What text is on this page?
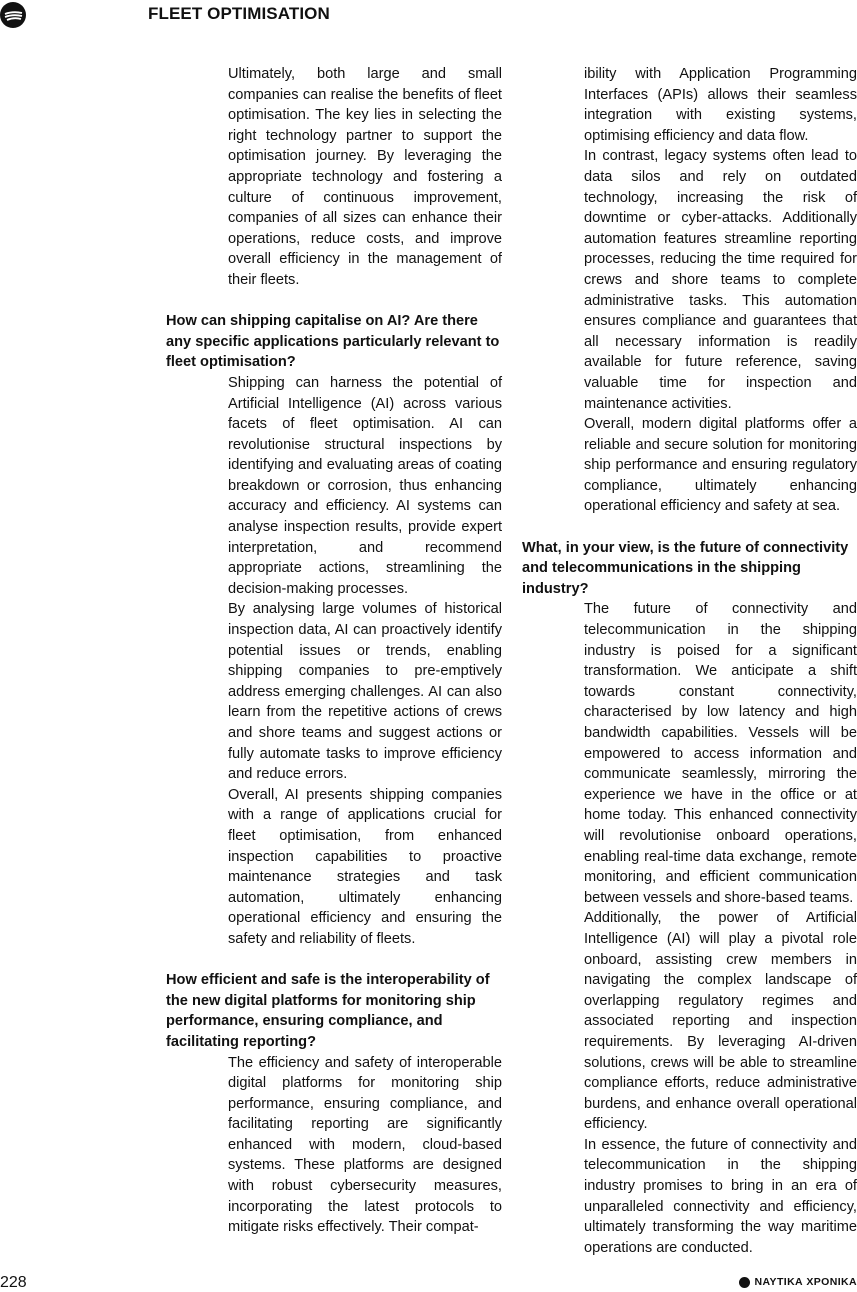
FLEET OPTIMISATION

Ultimately, both large and small companies can realise the benefits of fleet optimisation. The key lies in selecting the right technology partner to support the optimisation journey. By leveraging the appropriate technology and fostering a culture of continuous improvement, companies of all sizes can enhance their operations, reduce costs, and improve overall efficiency in the management of their fleets.

How can shipping capitalise on AI? Are there any specific applications particularly relevant to fleet optimisation?

Shipping can harness the potential of Artificial Intelligence (AI) across various facets of fleet optimisation. AI can revolutionise structural inspections by identifying and evaluating areas of coating breakdown or corrosion, thus enhancing accuracy and efficiency. AI systems can analyse inspection results, provide expert interpretation, and recommend appropriate actions, streamlining the decision-making processes.

By analysing large volumes of historical inspection data, AI can proactively identify potential issues or trends, enabling shipping companies to pre-emptively address emerging challenges. AI can also learn from the repetitive actions of crews and shore teams and suggest actions or fully automate tasks to improve efficiency and reduce errors.

Overall, AI presents shipping companies with a range of applications crucial for fleet optimisation, from enhanced inspection capabilities to proactive maintenance strategies and task automation, ultimately enhancing operational efficiency and ensuring the safety and reliability of fleets.

How efficient and safe is the interoperability of the new digital platforms for monitoring ship performance, ensuring compliance, and facilitating reporting?

The efficiency and safety of interoperable digital platforms for monitoring ship performance, ensuring compliance, and facilitating reporting are significantly enhanced with modern, cloud-based systems. These platforms are designed with robust cybersecurity measures, incorporating the latest protocols to mitigate risks effectively. Their compat-

ibility with Application Programming Interfaces (APIs) allows their seamless integration with existing systems, optimising efficiency and data flow.

In contrast, legacy systems often lead to data silos and rely on outdated technology, increasing the risk of downtime or cyber-attacks. Additionally automation features streamline reporting processes, reducing the time required for crews and shore teams to complete administrative tasks. This automation ensures compliance and guarantees that all necessary information is readily available for future reference, saving valuable time for inspection and maintenance activities.

Overall, modern digital platforms offer a reliable and secure solution for monitoring ship performance and ensuring regulatory compliance, ultimately enhancing operational efficiency and safety at sea.

What, in your view, is the future of connectivity and telecommunications in the shipping industry?

The future of connectivity and telecommunication in the shipping industry is poised for a significant transformation. We anticipate a shift towards constant connectivity, characterised by low latency and high bandwidth capabilities. Vessels will be empowered to access information and communicate seamlessly, mirroring the experience we have in the office or at home today. This enhanced connectivity will revolutionise onboard operations, enabling real-time data exchange, remote monitoring, and efficient communication between vessels and shore-based teams.

Additionally, the power of Artificial Intelligence (AI) will play a pivotal role onboard, assisting crew members in navigating the complex landscape of overlapping regulatory regimes and associated reporting and inspection requirements. By leveraging AI-driven solutions, crews will be able to streamline compliance efforts, reduce administrative burdens, and enhance overall operational efficiency.

In essence, the future of connectivity and telecommunication in the shipping industry promises to bring in an era of unparalleled connectivity and efficiency, ultimately transforming the way maritime operations are conducted.

228	ΝΑΥΤΙΚΑ ΧΡΟΝΙΚΑ
